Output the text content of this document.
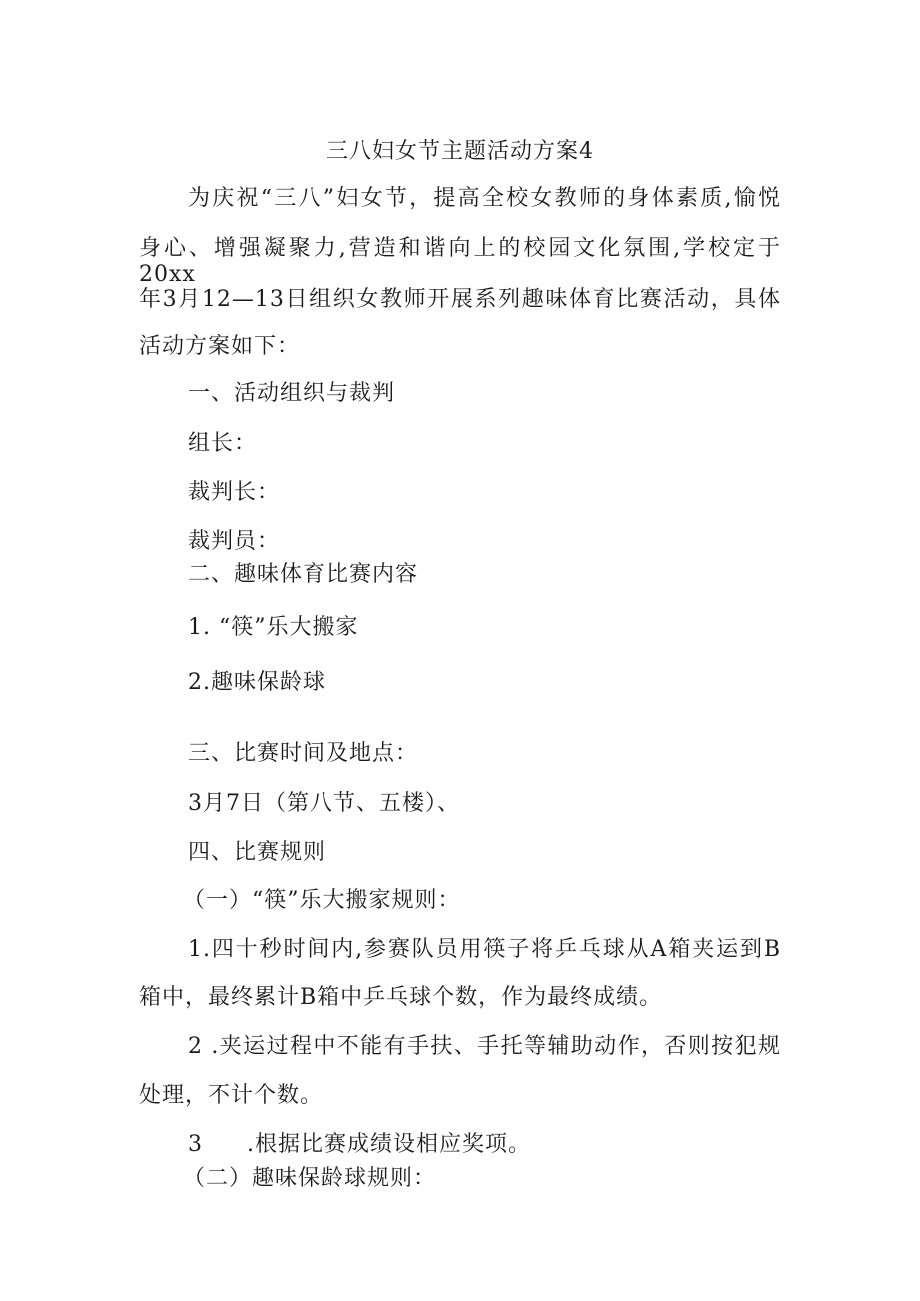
三八妇女节主题活动方案4
为庆祝“三八”妇女节，提高全校女教师的身体素质,愉悦
身心、增强凝聚力,营造和谐向上的校园文化氛围,学校定于20xx
年3月12—13日组织女教师开展系列趣味体育比赛活动，具体
活动方案如下：
一、活动组织与裁判
组长：
裁判长：
裁判员：
二、趣味体育比赛内容
1. “筷”乐大搬家
2.趣味保龄球
三、比赛时间及地点：
3月7日（第八节、五楼）、
四、比赛规则
（一）“筷”乐大搬家规则：
1.四十秒时间内,参赛队员用筷子将乒乓球从A箱夹运到B
箱中，最终累计B箱中乒乓球个数，作为最终成绩。
2 .夹运过程中不能有手扶、手托等辅助动作，否则按犯规
处理，不计个数。
3 .根据比赛成绩设相应奖项。
（二）趣味保龄球规则：
